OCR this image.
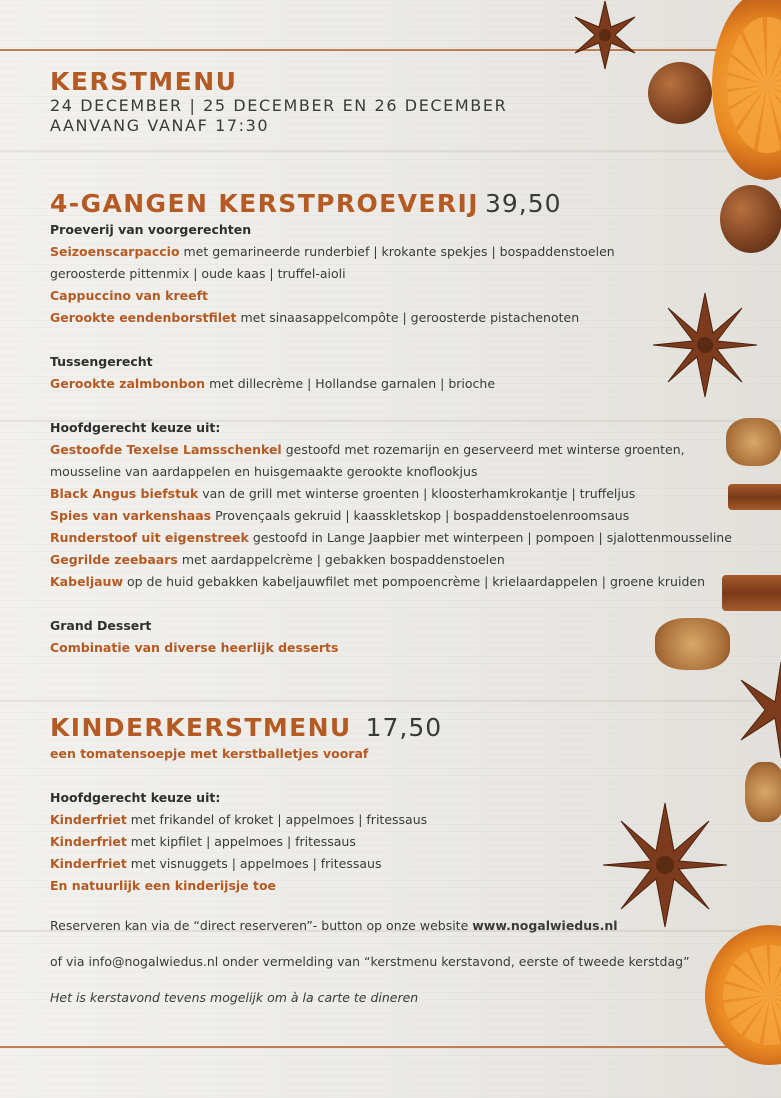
KERSTMENU
24 DECEMBER | 25 DECEMBER EN 26 DECEMBER
AANVANG VANAF 17:30
4-GANGEN KERSTPROEVERIJ 39,50
Proeverij van voorgerechten
Seizoenscarpaccio met gemarineerde runderbief | krokante spekjes | bospaddenstoelen
geroosterde pittenmix | oude kaas | truffel-aioli
Cappuccino van kreeft
Gerookte eendenborstfilet met sinaasappelcompôte | geroosterde pistachenoten
Tussengerecht
Gerookte zalmbonbon met dillecrème | Hollandse garnalen | brioche
Hoofdgerecht keuze uit:
Gestoofde Texelse Lamsschenkel gestoofd met rozemarijn en geserveerd met winterse groenten,
mousseline van aardappelen en huisgemaakte gerookte knoflookjus
Black Angus biefstuk van de grill met winterse groenten | kloosterhamkrokantje | truffeljus
Spies van varkenshaas Provençaals gekruid | kaasskletskop | bospaddenstoelenroomsaus
Runderstoof uit eigenstreek gestoofd in Lange Jaapbier met winterpeen | pompoen | sjalottenmousseline
Gegrilde zeebaars met aardappelcrème | gebakken bospaddenstoelen
Kabeljauw op de huid gebakken kabeljauwfilet met pompoencrème | krielaardappelen | groene kruiden
Grand Dessert
Combinatie van diverse heerlijk desserts
KINDERKERSTMENU 17,50
een tomatensoepje met kerstballetjes vooraf
Hoofdgerecht keuze uit:
Kinderfriet met frikandel of kroket | appelmoes | fritessaus
Kinderfriet met kipfilet | appelmoes | fritessaus
Kinderfriet met visnuggets | appelmoes | fritessaus
En natuurlijk een kinderijsje toe
Reserveren kan via de “direct reserveren”- button op onze website www.nogalwiedus.nl
of via info@nogalwiedus.nl onder vermelding van “kerstmenu kerstavond, eerste of tweede kerstdag”
Het is kerstavond tevens mogelijk om à la carte te dineren
